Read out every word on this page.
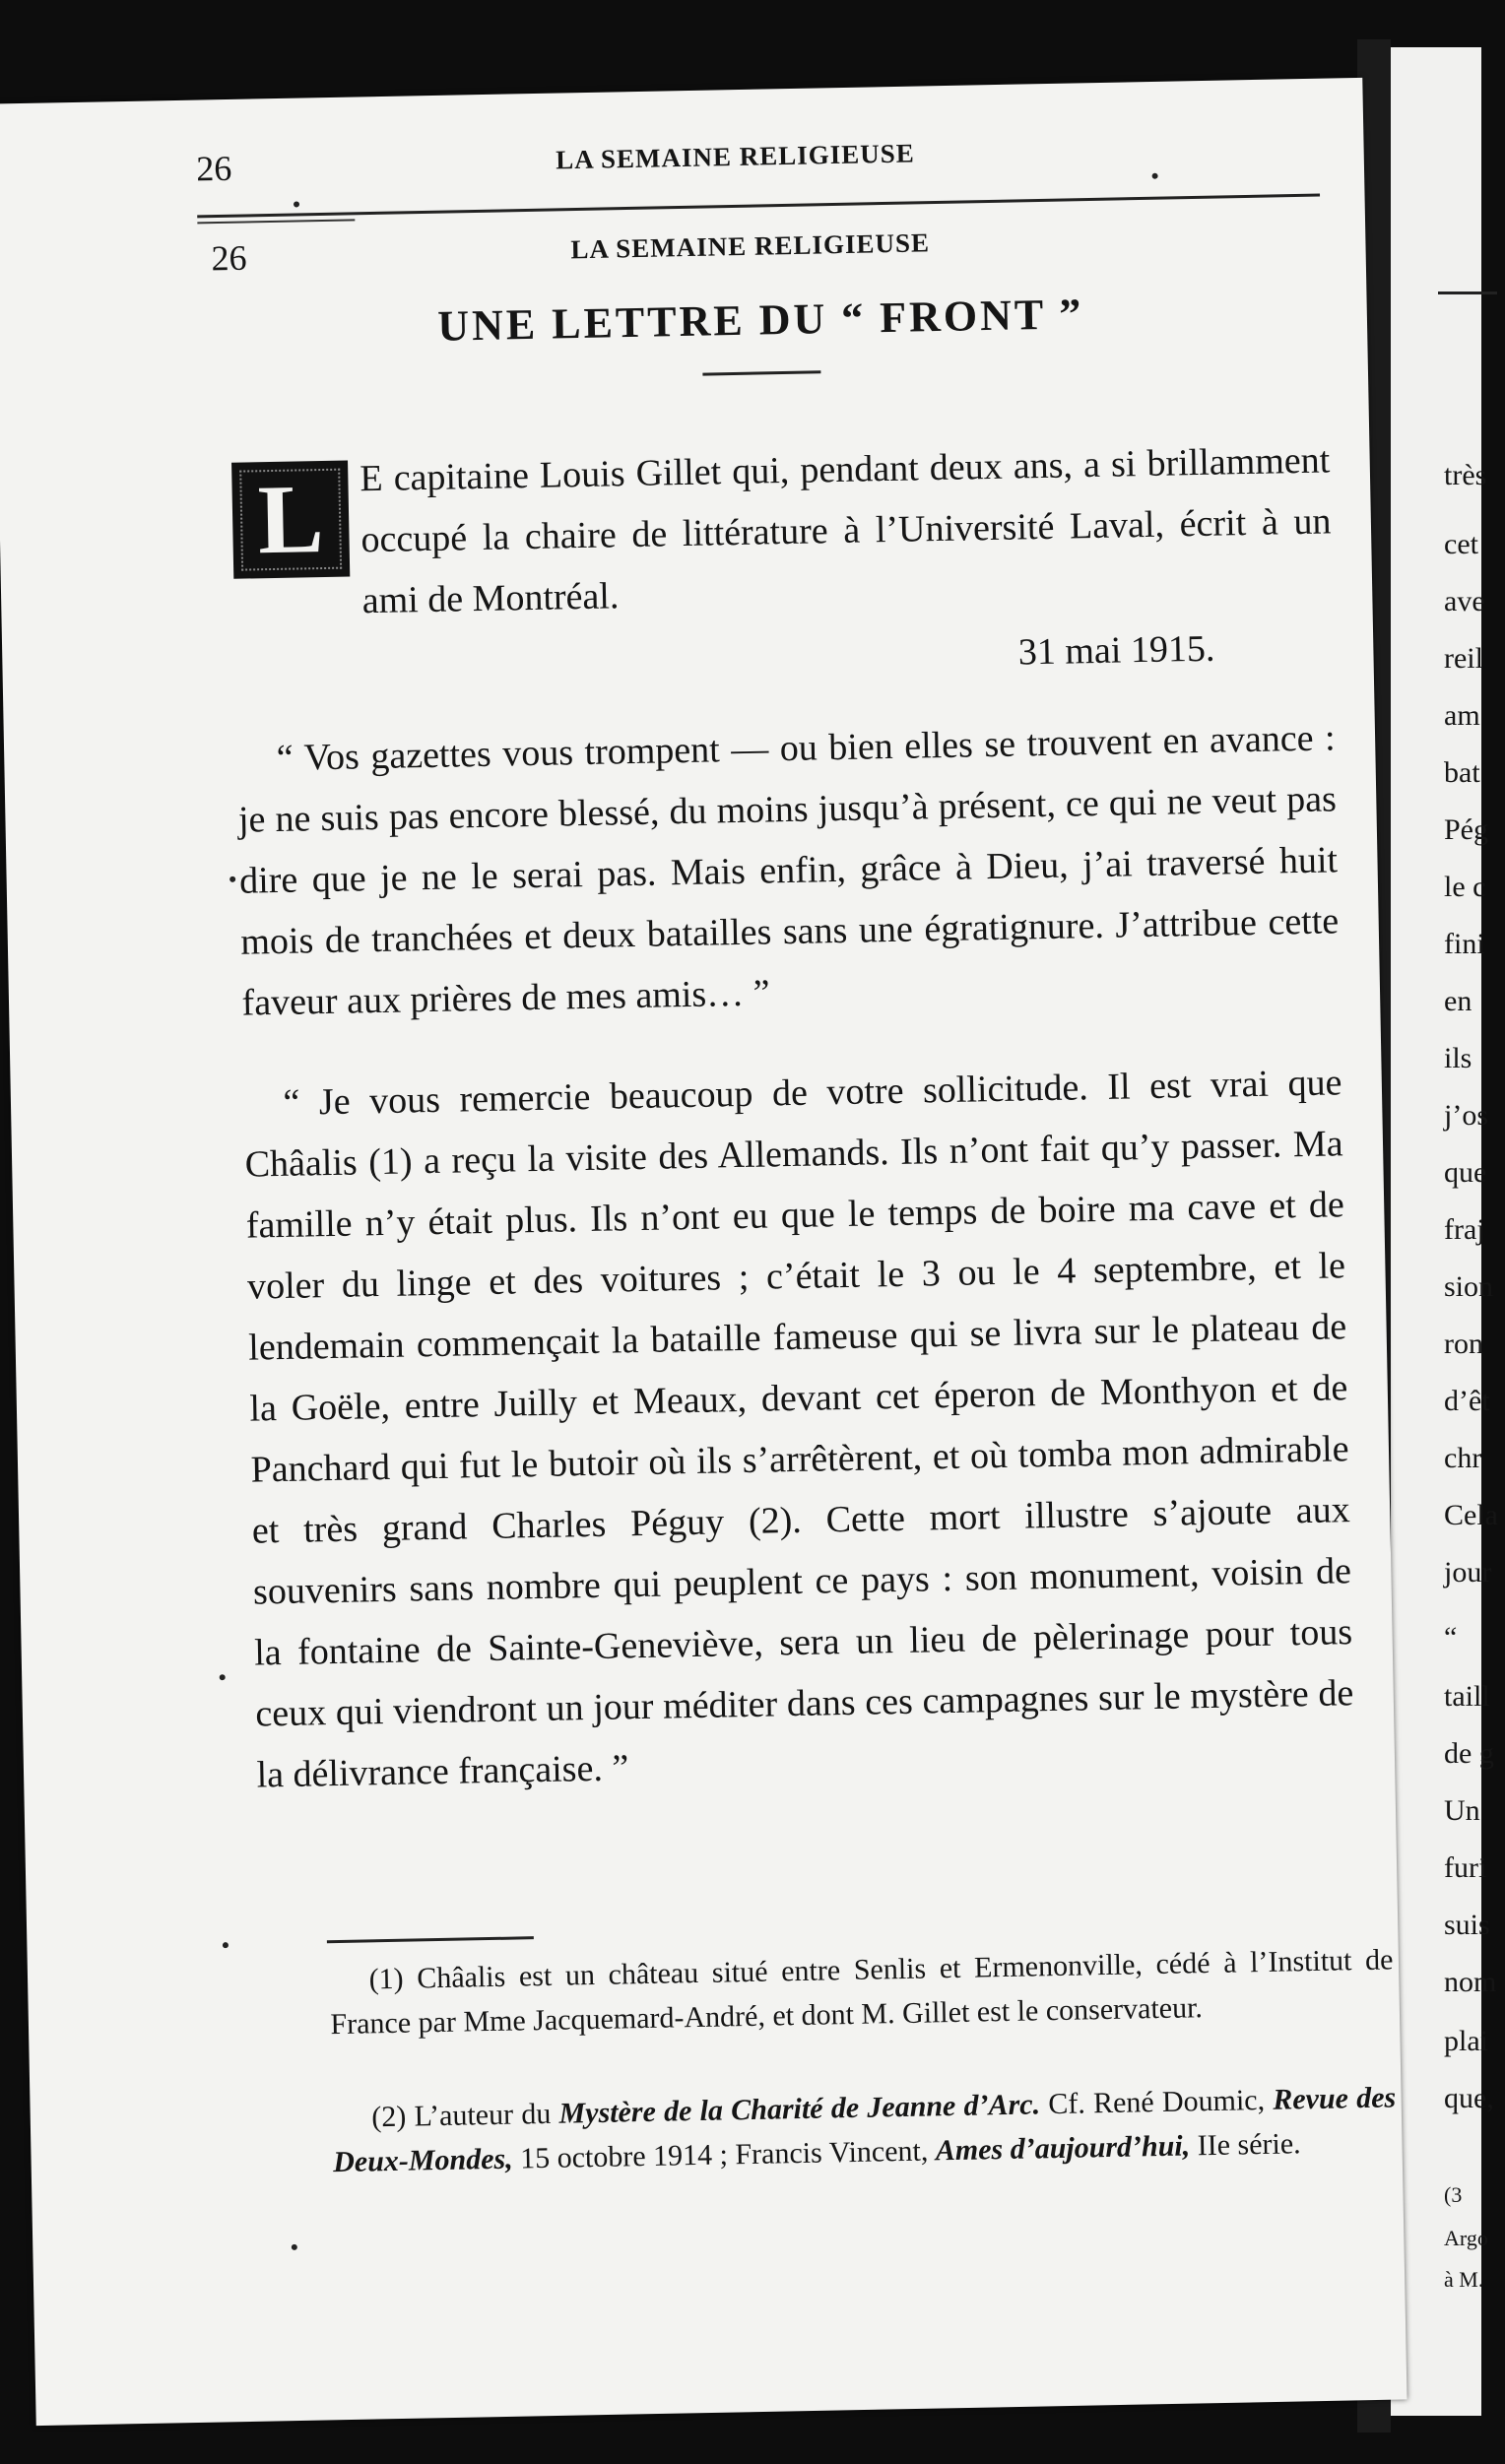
très
cet
ave
reil
am
bat
Pég
le c
fini
en
ils
j’os
que
fraj
sion
ron
d’êt
chr
Cela
jour
“
taill
de g
Un
furi
suis
nom
plai
que,
(3
Argo
à M.
26	LA SEMAINE RELIGIEUSE
26	LA SEMAINE RELIGIEUSE
UNE LETTRE DU “ FRONT ”
L E capitaine Louis Gillet qui, pendant deux ans, a si brillamment occupé la chaire de littérature à l’Université Laval, écrit à un ami de Montréal.
31 mai 1915.
“ Vos gazettes vous trompent — ou bien elles se trouvent en avance : je ne suis pas encore blessé, du moins jusqu’à présent, ce qui ne veut pas dire que je ne le serai pas. Mais enfin, grâce à Dieu, j’ai traversé huit mois de tranchées et deux batailles sans une égratignure. J’attribue cette faveur aux prières de mes amis… ”
“ Je vous remercie beaucoup de votre sollicitude. Il est vrai que Châalis (1) a reçu la visite des Allemands. Ils n’ont fait qu’y passer. Ma famille n’y était plus. Ils n’ont eu que le temps de boire ma cave et de voler du linge et des voitures ; c’était le 3 ou le 4 septembre, et le lendemain commençait la bataille fameuse qui se livra sur le plateau de la Goële, entre Juilly et Meaux, devant cet éperon de Monthyon et de Panchard qui fut le butoir où ils s’arrêtèrent, et où tomba mon admirable et très grand Charles Péguy (2). Cette mort illustre s’ajoute aux souvenirs sans nombre qui peuplent ce pays : son monument, voisin de la fontaine de Sainte-Geneviève, sera un lieu de pèlerinage pour tous ceux qui viendront un jour méditer dans ces campagnes sur le mystère de la délivrance française. ”
(1) Châalis est un château situé entre Senlis et Ermenonville, cédé à l’Institut de France par Mme Jacquemard-André, et dont M. Gillet est le conservateur.
(2) L’auteur du Mystère de la Charité de Jeanne d’Arc. Cf. René Doumic, Revue des Deux-Mondes, 15 octobre 1914 ; Francis Vincent, Ames d’aujourd’hui, IIe série.
